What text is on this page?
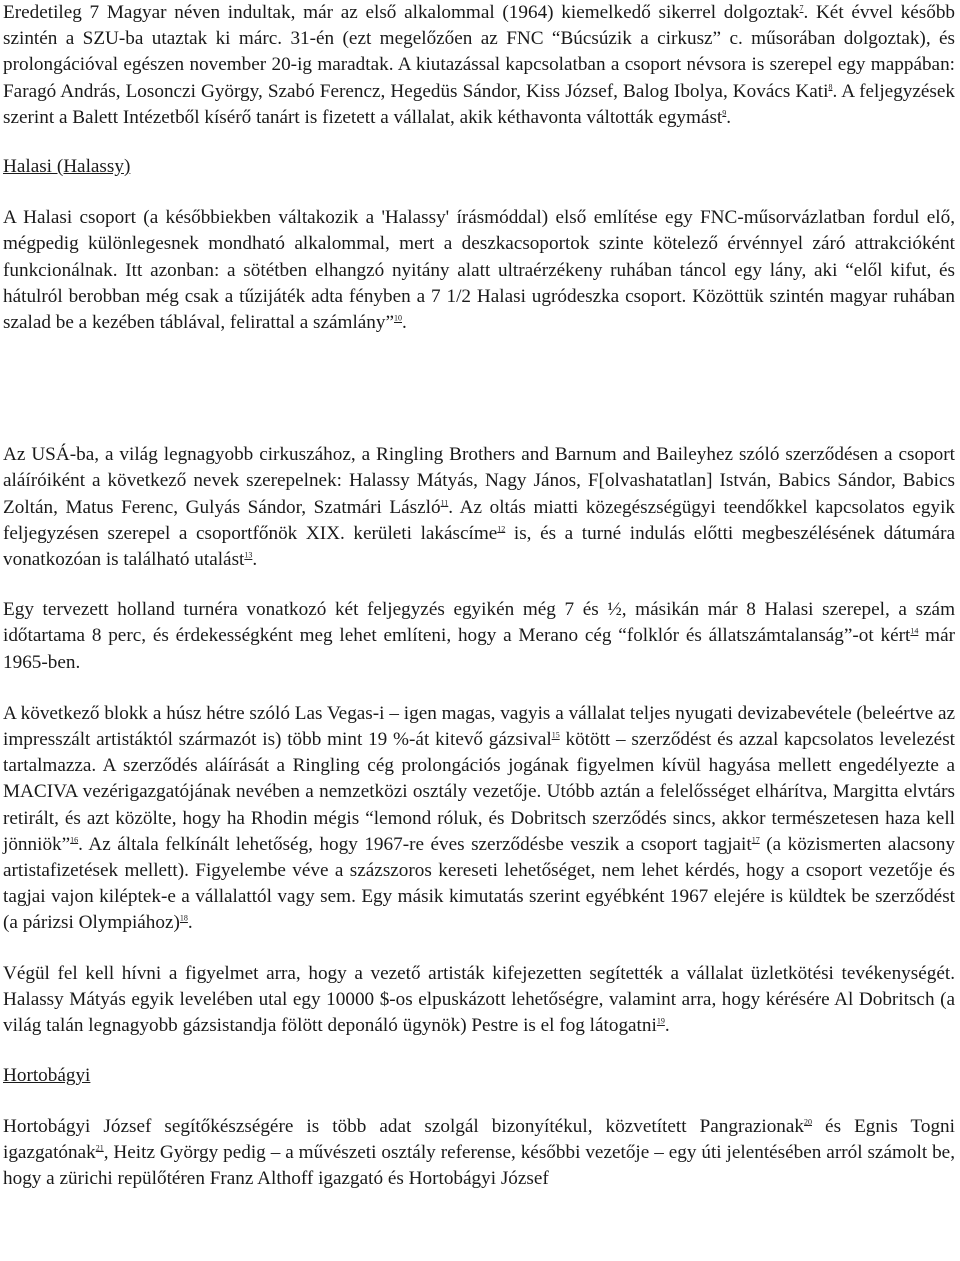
Eredetileg 7 Magyar néven indultak, már az első alkalommal (1964) kiemelkedő sikerrel dolgoztak$^7$. Két évvel később szintén a SZU-ba utaztak ki márc. 31-én (ezt megelőzően az FNC “Búcsúzik a cirkusz” c. műsorában dolgoztak), és prolongációval egészen november 20-ig maradtak. A kiutazással kapcsolatban a csoport névsora is szerepel egy mappában: Faragó András, Losonczi György, Szabó Ferencz, Hegedüs Sándor, Kiss József, Balog Ibolya, Kovács Kati$^8$. A feljegyzések szerint a Balett Intézetből kísérő tanárt is fizetett a vállalat, akik kéthavonta váltották egymást$^9$.

Halasi (Halassy)

A Halasi csoport (a későbbiekben váltakozik a 'Halassy' írásmóddal) első említése egy FNC-műsorvázlatban fordul elő, mégpedig különlegesnek mondható alkalommal, mert a deszkacsoportok szinte kötelező érvénnyel záró attrakcióként funkcionálnak. Itt azonban: a sötétben elhangzó nyitány alatt ultraérzékeny ruhában táncol egy lány, aki “elől kifut, és hátulról berobban még csak a tűzijáték adta fényben a 7 1/2 Halasi ugródeszka csoport. Közöttük szintén magyar ruhában szalad be a kezében táblával, felirattal a számlány”$^{10}$.

Az USÁ-ba, a világ legnagyobb cirkuszához, a Ringling Brothers and Barnum and Baileyhez szóló szerződésen a csoport aláíróiként a következő nevek szerepelnek: Halassy Mátyás, Nagy János, F[olvashatatlan] István, Babics Sándor, Babics Zoltán, Matus Ferenc, Gulyás Sándor, Szatmári László$^{11}$. Az oltás miatti közegészségügyi teendőkkel kapcsolatos egyik feljegyzésen szerepel a csoportfőnök XIX. kerületi lakáscíme$^{12}$ is, és a turné indulás előtti megbeszélésének dátumára vonatkozóan is található utalást$^{13}$.

Egy tervezett holland turnéra vonatkozó két feljegyzés egyikén még 7 és ½, másikán már 8 Halasi szerepel, a szám időtartama 8 perc, és érdekességként meg lehet említeni, hogy a Merano cég “folklór és állatszámtalanság”-ot kért$^{14}$ már 1965-ben.

A következő blokk a húsz hétre szóló Las Vegas-i – igen magas, vagyis a vállalat teljes nyugati devizabevétele (beleértve az impresszált artistáktól származót is) több mint 19 %-át kitevő gázsival$^{15}$ kötött – szerződést és azzal kapcsolatos levelezést tartalmazza. A szerződés aláírását a Ringling cég prolongációs jogának figyelmen kívül hagyása mellett engedélyezte a MACIVA vezérigazgatójának nevében a nemzetközi osztály vezetője. Utóbb aztán a felelősséget elhárítva, Margitta elvtárs retirált, és azt közölte, hogy ha Rhodin mégis “lemond róluk, és Dobritsch szerződés sincs, akkor természetesen haza kell jönniök”$^{16}$. Az általa felkínált lehetőség, hogy 1967-re éves szerződésbe veszik a csoport tagjait$^{17}$ (a közismerten alacsony artistafizetések mellett). Figyelembe véve a százszoros kereseti lehetőséget, nem lehet kérdés, hogy a csoport vezetője és tagjai vajon kiléptek-e a vállalattól vagy sem. Egy másik kimutatás szerint egyébként 1967 elejére is küldtek be szerződést (a párizsi Olympiához)$^{18}$.

Végül fel kell hívni a figyelmet arra, hogy a vezető artisták kifejezetten segítették a vállalat üzletkötési tevékenységét. Halassy Mátyás egyik levelében utal egy 10000 $-os elpuskázott lehetőségre, valamint arra, hogy kérésére Al Dobritsch (a világ talán legnagyobb gázsistandja fölött deponáló ügynök) Pestre is el fog látogatni$^{19}$.

Hortobágyi

Hortobágyi József segítőkészségére is több adat szolgál bizonyítékul, közvetített Pangrazionak$^{20}$ és Egnis Togni igazgatónak$^{21}$, Heitz György pedig – a művészeti osztály referense, későbbi vezetője – egy úti jelentésében arról számolt be, hogy a zürichi repülőtéren Franz Althoff igazgató és Hortobágyi József
